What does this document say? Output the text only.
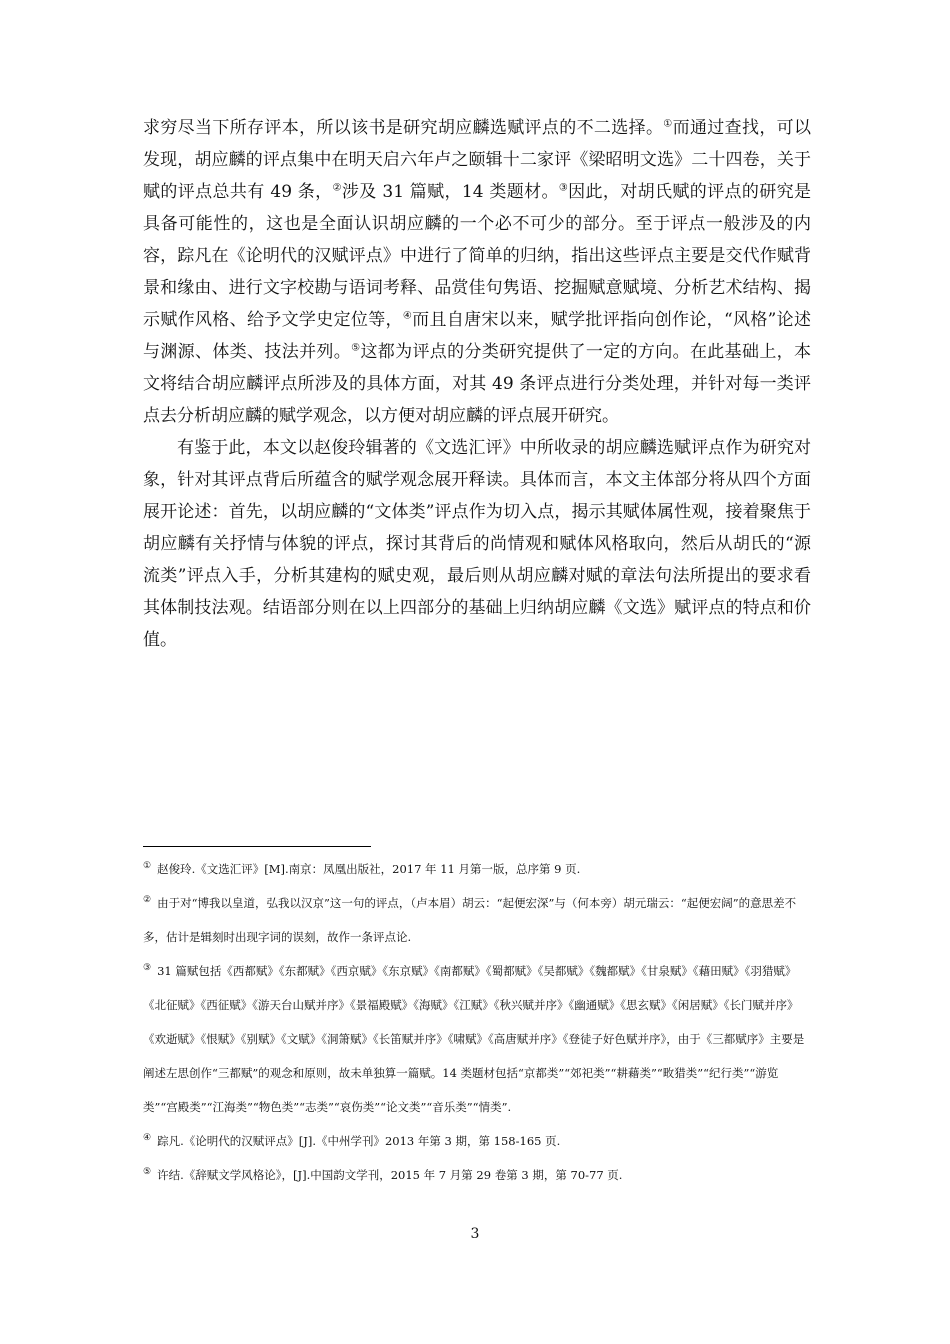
求穷尽当下所存评本，所以该书是研究胡应麟选赋评点的不二选择。①而通过查找，可以发现，胡应麟的评点集中在明天启六年卢之颐辑十二家评《梁昭明文选》二十四卷，关于赋的评点总共有 49 条，②涉及 31 篇赋，14 类题材。③因此，对胡氏赋的评点的研究是具备可能性的，这也是全面认识胡应麟的一个必不可少的部分。至于评点一般涉及的内容，踪凡在《论明代的汉赋评点》中进行了简单的归纳，指出这些评点主要是交代作赋背景和缘由、进行文字校勘与语词考释、品赏佳句隽语、挖掘赋意赋境、分析艺术结构、揭示赋作风格、给予文学史定位等，④而且自唐宋以来，赋学批评指向创作论，“风格”论述与渊源、体类、技法并列。⑤这都为评点的分类研究提供了一定的方向。在此基础上，本文将结合胡应麟评点所涉及的具体方面，对其 49 条评点进行分类处理，并针对每一类评点去分析胡应麟的赋学观念，以方便对胡应麟的评点展开研究。

有鉴于此，本文以赵俊玲辑著的《文选汇评》中所收录的胡应麟选赋评点作为研究对象，针对其评点背后所蕴含的赋学观念展开释读。具体而言，本文主体部分将从四个方面展开论述：首先，以胡应麟的“文体类”评点作为切入点，揭示其赋体属性观，接着聚焦于胡应麟有关抒情与体貌的评点，探讨其背后的尚情观和赋体风格取向，然后从胡氏的“源流类”评点入手，分析其建构的赋史观，最后则从胡应麟对赋的章法句法所提出的要求看其体制技法观。结语部分则在以上四部分的基础上归纳胡应麟《文选》赋评点的特点和价值。

① 赵俊玲.《文选汇评》[M].南京：凤凰出版社，2017 年 11 月第一版，总序第 9 页.

② 由于对“博我以皇道，弘我以汉京”这一句的评点，（卢本眉）胡云：“起便宏深”与（何本旁）胡元瑞云：“起便宏阔”的意思差不多，估计是辑刻时出现字词的误刻，故作一条评点论.

③ 31 篇赋包括《西都赋》《东都赋》《西京赋》《东京赋》《南都赋》《蜀都赋》《吴都赋》《魏都赋》《甘泉赋》《藉田赋》《羽猎赋》《北征赋》《西征赋》《游天台山赋并序》《景福殿赋》《海赋》《江赋》《秋兴赋并序》《幽通赋》《思玄赋》《闲居赋》《长门赋并序》《欢逝赋》《恨赋》《别赋》《文赋》《洞箫赋》《长笛赋并序》《啸赋》《高唐赋并序》《登徒子好色赋并序》，由于《三都赋序》主要是阐述左思创作“三都赋”的观念和原则，故未单独算一篇赋。14 类题材包括“京都类”“郊祀类”“耕藉类”“畋猎类”“纪行类”“游览类”“宫殿类”“江海类”“物色类”“志类”“哀伤类”“论文类”“音乐类”“情类”.

④ 踪凡.《论明代的汉赋评点》[J].《中州学刊》2013 年第 3 期，第 158-165 页.

⑤ 许结.《辞赋文学风格论》，[J].中国韵文学刊，2015 年 7 月第 29 卷第 3 期，第 70-77 页.

3
